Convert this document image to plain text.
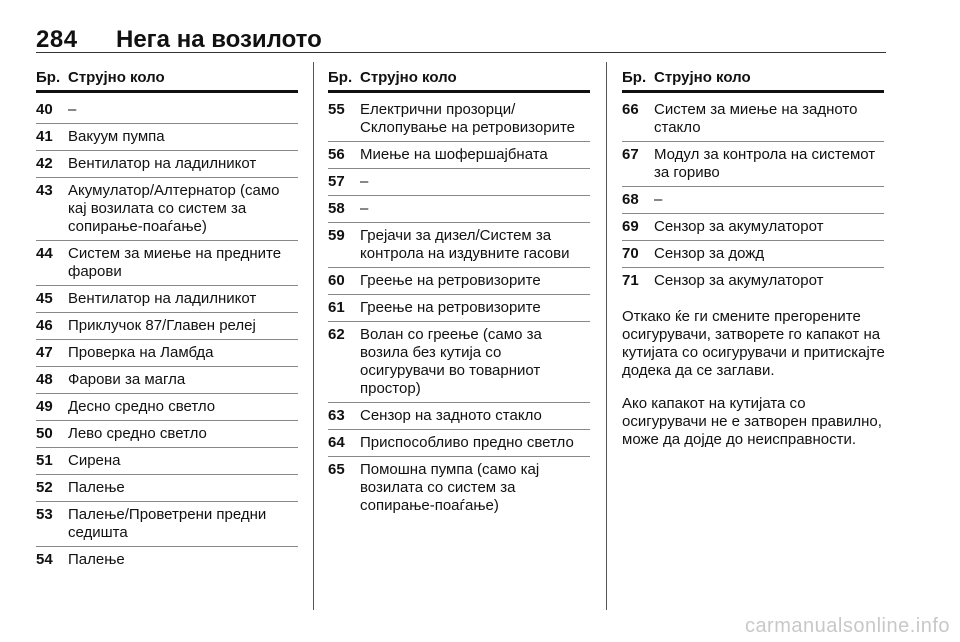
284 Нега на возилото
Бр. Струјно коло
40	–
41	Вакуум пумпа
42	Вентилатор на ладилникот
43	Акумулатор/Алтернатор (само кај возилата со систем за сопирање-поаѓање)
44	Систем за миење на предните фарови
45	Вентилатор на ладилникот
46	Приклучок 87/Главен релеј
47	Проверка на Ламбда
48	Фарови за магла
49	Десно средно светло
50	Лево средно светло
51	Сирена
52	Палење
53	Палење/Проветрени предни седишта
54	Палење
Бр. Струјно коло
55	Електрични прозорци/ Склопување на ретровизорите
56	Миење на шофершајбната
57	–
58	–
59	Грејачи за дизел/Систем за контрола на издувните гасови
60	Греење на ретровизорите
61	Греење на ретровизорите
62	Волан со греење (само за возила без кутија со осигурувачи во товарниот простор)
63	Сензор на задното стакло
64	Приспособливо предно светло
65	Помошна пумпа (само кај возилата со систем за сопирање-поаѓање)
Бр. Струјно коло
66	Систем за миење на задното стакло
67	Модул за контрола на системот за гориво
68	–
69	Сензор за акумулаторот
70	Сензор за дожд
71	Сензор за акумулаторот

Откако ќе ги смените прегорените осигурувачи, затворете го капакот на кутијата со осигурувачи и притискајте додека да се заглави.

Ако капакот на кутијата со осигурувачи не е затворен правилно, може да дојде до неисправности.

carmanualsonline.info
